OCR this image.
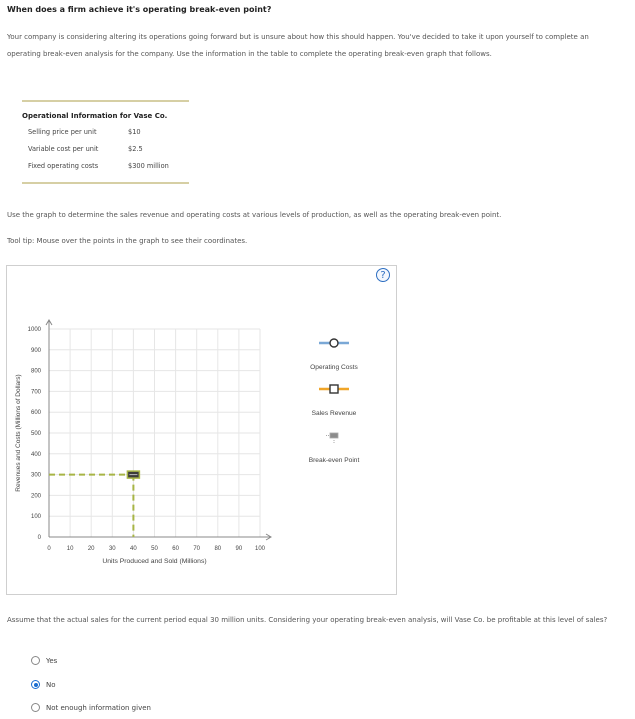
When does a firm achieve it's operating break-even point?
Your company is considering altering its operations going forward but is unsure about how this should happen. You've decided to take it upon yourself to complete an operating break-even analysis for the company. Use the information in the table to complete the operating break-even graph that follows.
Operational Information for Vase Co.
Selling price per unit	$10
Variable cost per unit	$2.5
Fixed operating costs	$300 million
Use the graph to determine the sales revenue and operating costs at various levels of production, as well as the operating break-even point.
Tool tip: Mouse over the points in the graph to see their coordinates.
0	10 20 30 40 50 60 70 80 90 100
0
100
200
300
400
500
600
700
800
900
1000
Units Produced and Sold (Millions)
Revenues and Costs (Millions of Dollars)
Operating Costs
Sales Revenue
Break-even Point
?
Assume that the actual sales for the current period equal 30 million units. Considering your operating break-even analysis, will Vase Co. be profitable at this level of sales?
Yes
No
Not enough information given
